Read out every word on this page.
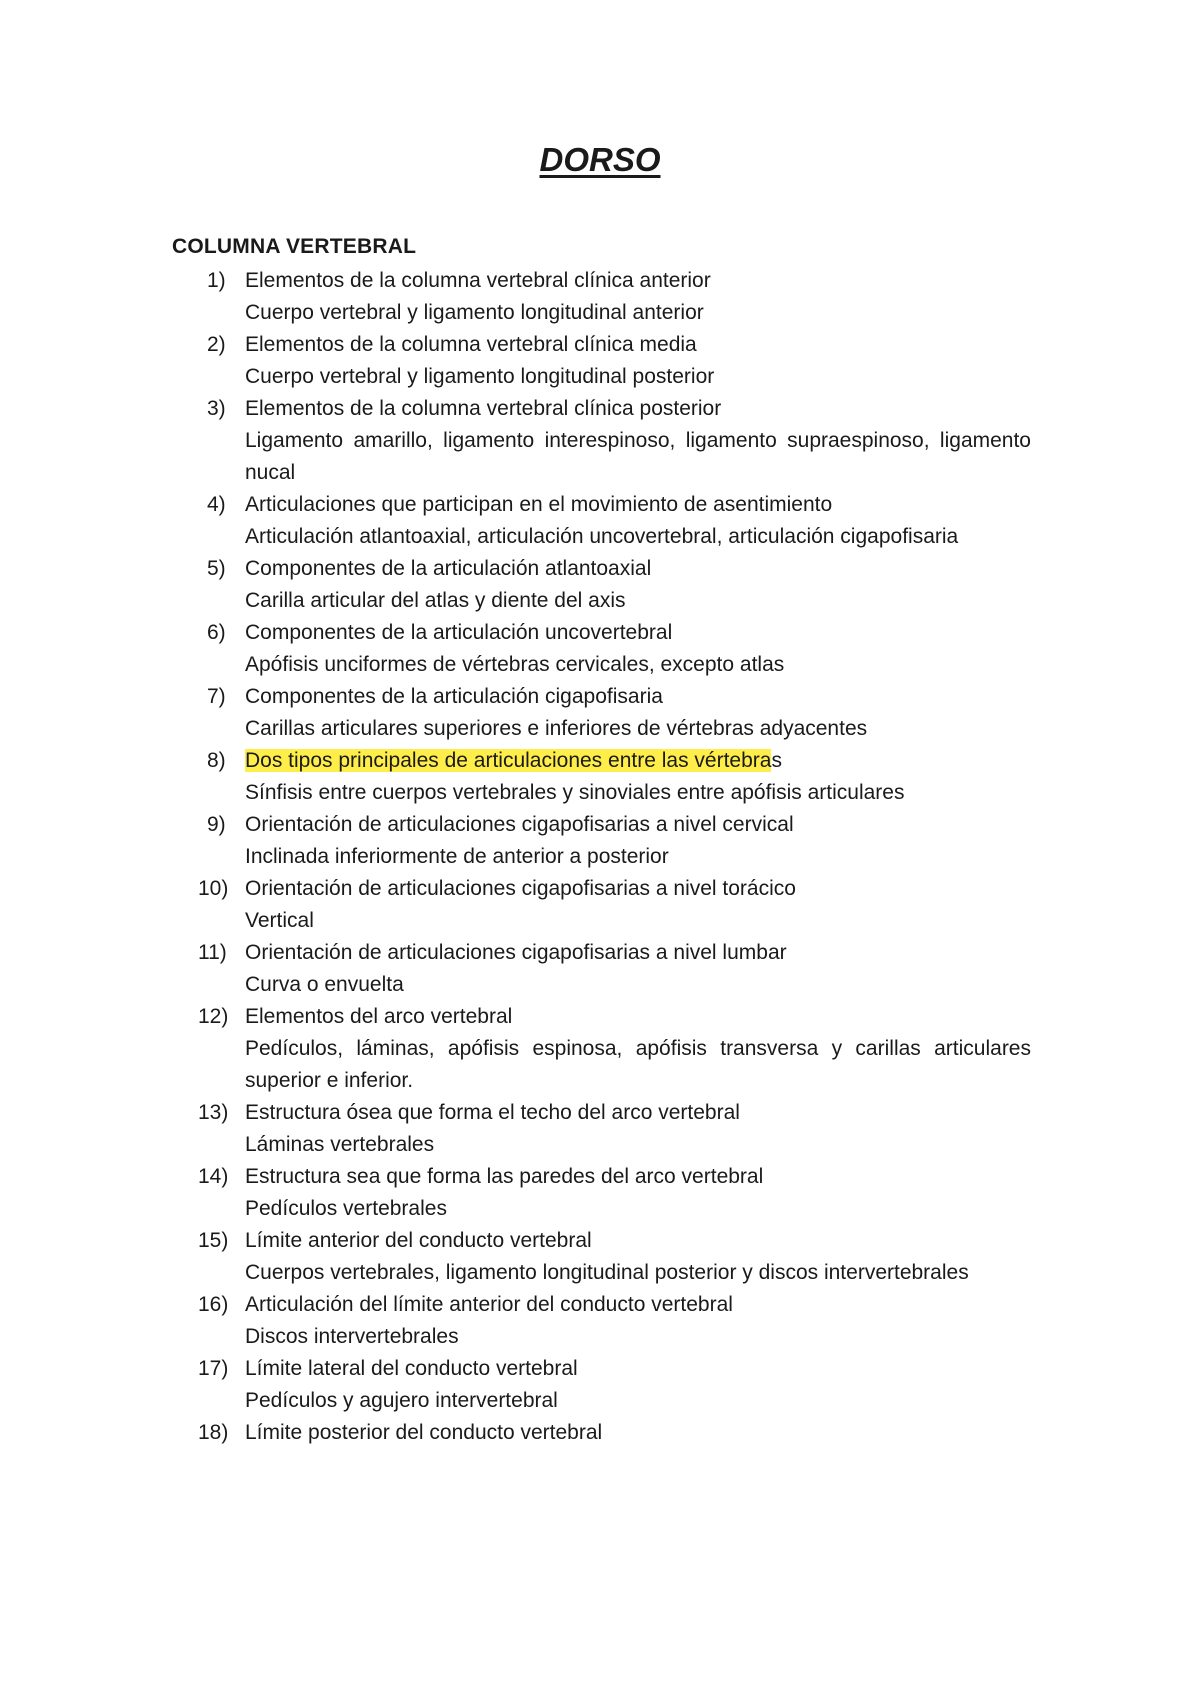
DORSO
COLUMNA VERTEBRAL
1) Elementos de la columna vertebral clínica anterior
Cuerpo vertebral y ligamento longitudinal anterior
2) Elementos de la columna vertebral clínica media
Cuerpo vertebral y ligamento longitudinal posterior
3) Elementos de la columna vertebral clínica posterior
Ligamento amarillo, ligamento interespinoso, ligamento supraespinoso, ligamento nucal
4) Articulaciones que participan en el movimiento de asentimiento
Articulación atlantoaxial, articulación uncovertebral, articulación cigapofisaria
5) Componentes de la articulación atlantoaxial
Carilla articular del atlas y diente del axis
6) Componentes de la articulación uncovertebral
Apófisis unciformes de vértebras cervicales, excepto atlas
7) Componentes de la articulación cigapofisaria
Carillas articulares superiores e inferiores de vértebras adyacentes
8) Dos tipos principales de articulaciones entre las vértebras
Sínfisis entre cuerpos vertebrales y sinoviales entre apófisis articulares
9) Orientación de articulaciones cigapofisarias a nivel cervical
Inclinada inferiormente de anterior a posterior
10) Orientación de articulaciones cigapofisarias a nivel torácico
Vertical
11) Orientación de articulaciones cigapofisarias a nivel lumbar
Curva o envuelta
12) Elementos del arco vertebral
Pedículos, láminas, apófisis espinosa, apófisis transversa y carillas articulares superior e inferior.
13) Estructura ósea que forma el techo del arco vertebral
Láminas vertebrales
14) Estructura sea que forma las paredes del arco vertebral
Pedículos vertebrales
15) Límite anterior del conducto vertebral
Cuerpos vertebrales, ligamento longitudinal posterior y discos intervertebrales
16) Articulación del límite anterior del conducto vertebral
Discos intervertebrales
17) Límite lateral del conducto vertebral
Pedículos y agujero intervertebral
18) Límite posterior del conducto vertebral
